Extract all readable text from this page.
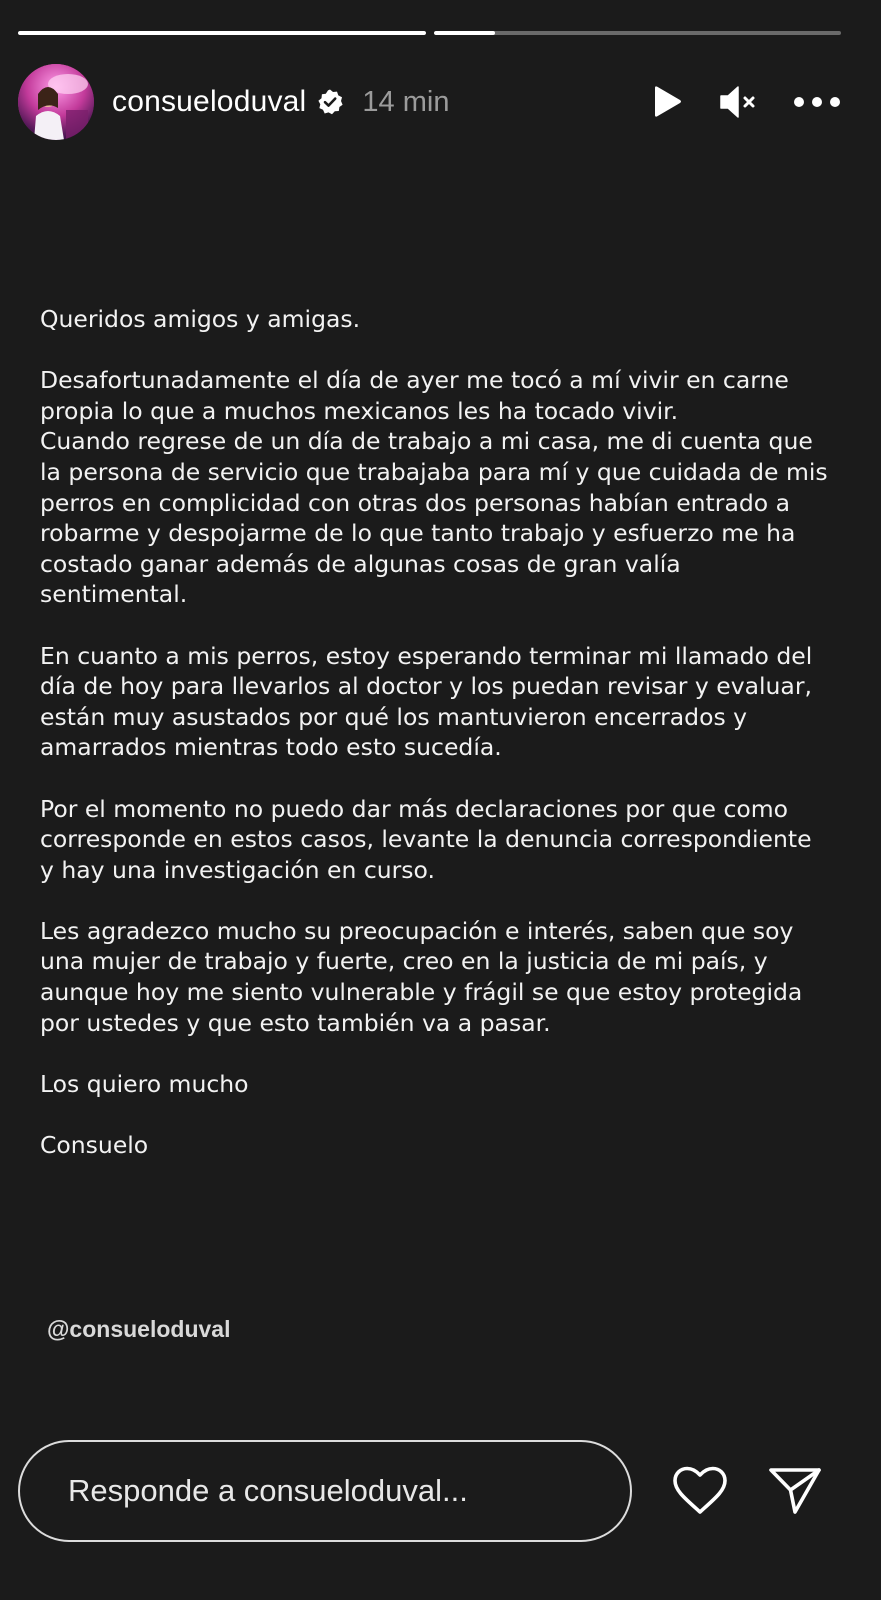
consueloduval 14 min

Queridos amigos y amigas.

Desafortunadamente el día de ayer me tocó a mí vivir en carne propia lo que a muchos mexicanos les ha tocado vivir.
Cuando regrese de un día de trabajo a mi casa, me di cuenta que la persona de servicio que trabajaba para mí y que cuidada de mis perros en complicidad con otras dos personas habían entrado a robarme y despojarme de lo que tanto trabajo y esfuerzo me ha costado ganar además de algunas cosas de gran valía sentimental.

En cuanto a mis perros, estoy esperando terminar mi llamado del día de hoy para llevarlos al doctor y los puedan revisar y evaluar, están muy asustados por qué los mantuvieron encerrados y amarrados mientras todo esto sucedía.

Por el momento no puedo dar más declaraciones por que como corresponde en estos casos, levante la denuncia correspondiente y hay una investigación en curso.

Les agradezco mucho su preocupación e interés, saben que soy una mujer de trabajo y fuerte, creo en la justicia de mi país, y aunque hoy me siento vulnerable y frágil se que estoy protegida por ustedes y que esto también va a pasar.

Los quiero mucho

Consuelo

@consueloduval
Responde a consueloduval...
